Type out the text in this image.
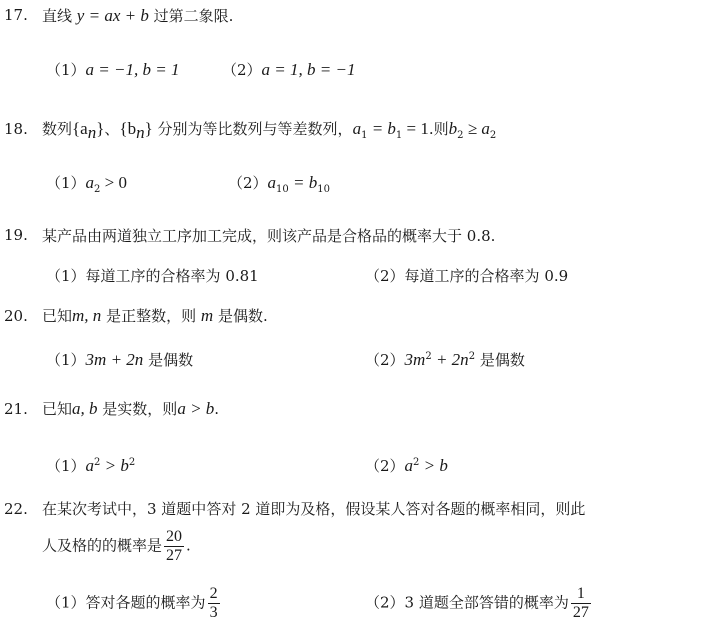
17. 直线 y = ax + b 过第二象限.
（1）a = −1, b = 1	（2）a = 1, b = −1
18. 数列$\{a_n\}$、$\{b_n\}$ 分别为等比数列与等差数列，$a_1 = b_1 = 1$.则$b_2 \ge a_2$
$(1)a_2 > 0$	$(2)a_{10} = b_{10}$
19. 某产品由两道独立工序加工完成，则该产品是合格品的概率大于 0.8.
（1）每道工序的合格率为 0.81	（2）每道工序的合格率为 0.9
20. 已知m, n 是正整数，则 m 是偶数.
（1）3m + 2n 是偶数	$(2)3m^2 + 2n^2$ 是偶数
21. 已知a, b 是实数，则a > b.
$(1)a^2 > b^2$	$(2)a^2 > b$
22. 在某次考试中，3 道题中答对 2 道即为及格，假设某人答对各题的概率相同，则此
人及格的的概率是 $\frac{20}{27}$ .
（1）答对各题的概率为 $\frac{2}{3}$	（2）3 道题全部答错的概率为 $\frac{1}{27}$
